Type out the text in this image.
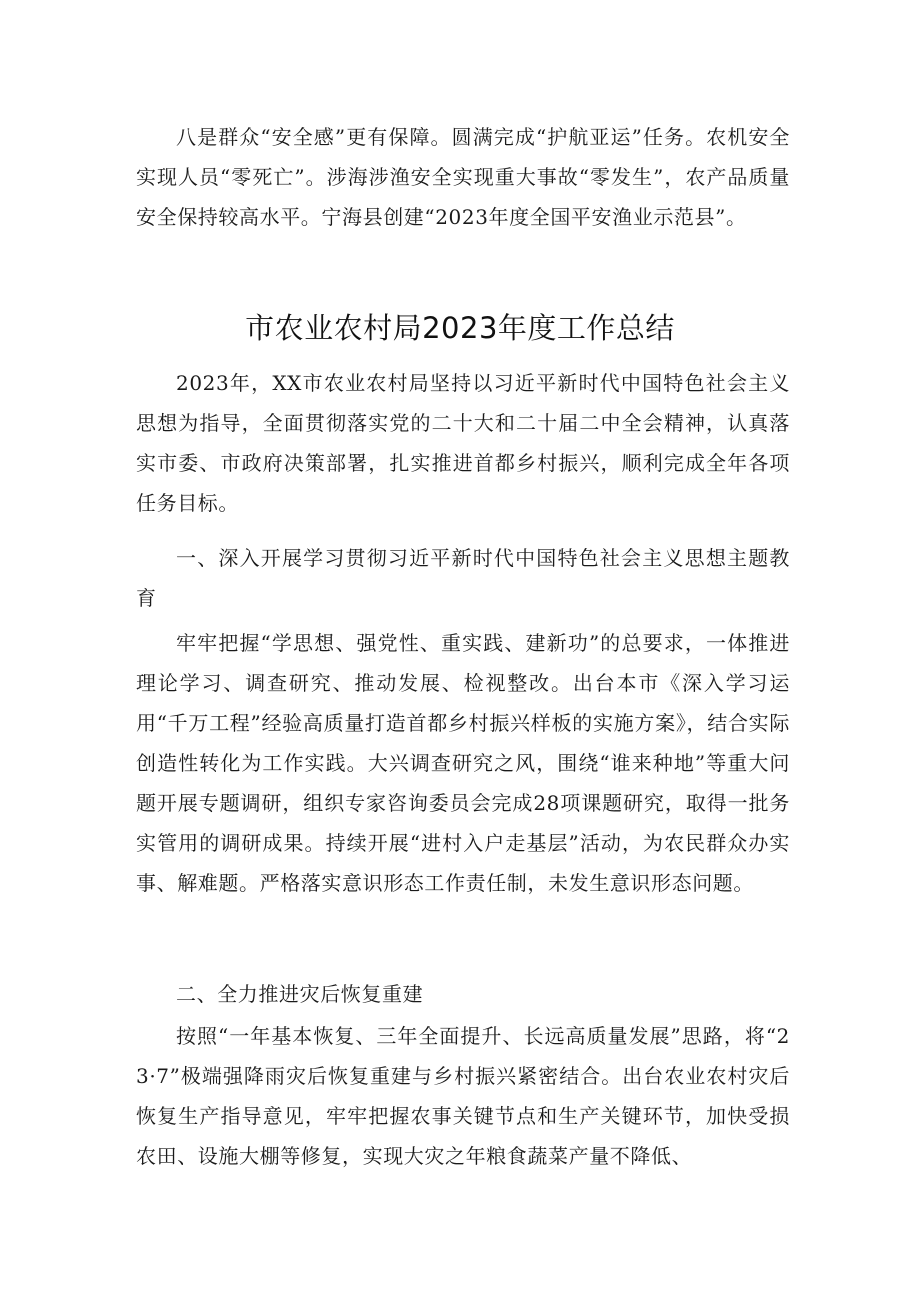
八是群众“安全感”更有保障。圆满完成“护航亚运”任务。农机安全实现人员“零死亡”。涉海涉渔安全实现重大事故“零发生”，农产品质量安全保持较高水平。宁海县创建“2023年度全国平安渔业示范县”。

市农业农村局2023年度工作总结

2023年，XX市农业农村局坚持以习近平新时代中国特色社会主义思想为指导，全面贯彻落实党的二十大和二十届二中全会精神，认真落实市委、市政府决策部署，扎实推进首都乡村振兴，顺利完成全年各项任务目标。

一、深入开展学习贯彻习近平新时代中国特色社会主义思想主题教育

牢牢把握“学思想、强党性、重实践、建新功”的总要求，一体推进理论学习、调查研究、推动发展、检视整改。出台本市《深入学习运用“千万工程”经验高质量打造首都乡村振兴样板的实施方案》，结合实际创造性转化为工作实践。大兴调查研究之风，围绕“谁来种地”等重大问题开展专题调研，组织专家咨询委员会完成28项课题研究，取得一批务实管用的调研成果。持续开展“进村入户走基层”活动，为农民群众办实事、解难题。严格落实意识形态工作责任制，未发生意识形态问题。

二、全力推进灾后恢复重建

按照“一年基本恢复、三年全面提升、长远高质量发展”思路，将“23·7”极端强降雨灾后恢复重建与乡村振兴紧密结合。出台农业农村灾后恢复生产指导意见，牢牢把握农事关键节点和生产关键环节，加快受损农田、设施大棚等修复，实现大灾之年粮食蔬菜产量不降低、
